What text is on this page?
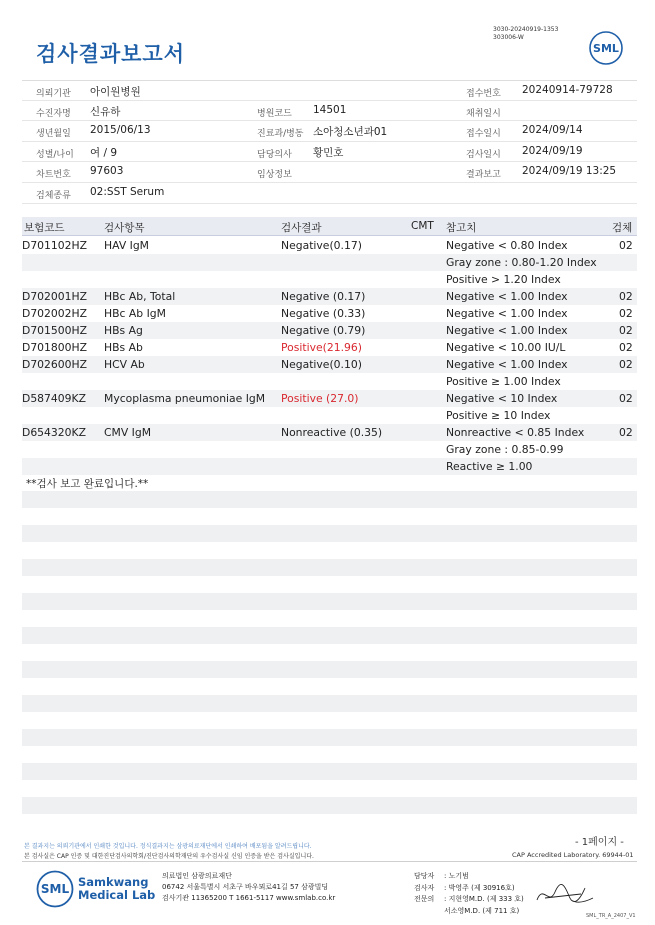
검사결과보고서
3030-20240919-1353
303006-W
SML
의뢰기관 아이원병원	접수번호 20240914-79728
수진자명 신유하	병원코드 14501	채취일시
생년월일 2015/06/13	진료과/병동 소아청소년과01	접수일시 2024/09/14
성별/나이 여 / 9	담당의사 황민호	검사일시 2024/09/19
차트번호 97603	임상정보	결과보고 2024/09/19 13:25
검체종류 02:SST Serum
보험코드	검사항목	검사결과	CMT 참고치	검체
D701102HZ HAV IgM	Negative(0.17)	Negative < 0.80 Index	02
Gray zone : 0.80-1.20 Index
Positive > 1.20 Index
D702001HZ HBc Ab, Total	Negative (0.17)	Negative < 1.00 Index	02
D702002HZ HBc Ab IgM	Negative (0.33)	Negative < 1.00 Index	02
D701500HZ HBs Ag	Negative (0.79)	Negative < 1.00 Index	02
D701800HZ HBs Ab	Positive(21.96)	Negative < 10.00 IU/L	02
D702600HZ HCV Ab	Negative(0.10)	Negative < 1.00 Index	02
Positive ≥ 1.00 Index
D587409KZ Mycoplasma pneumoniae IgM Positive (27.0)	Negative < 10 Index	02
Positive ≥ 10 Index
D654320KZ CMV IgM	Nonreactive (0.35)	Nonreactive < 0.85 Index	02
Gray zone : 0.85-0.99
Reactive ≥ 1.00
**검사 보고 완료입니다.**
- 1페이지 -
본 결과지는 의뢰기관에서 인쇄한 것입니다. 정식결과지는 삼광의료재단에서 인쇄하여 배포됨을 알려드립니다.
본 검사실은 CAP 인증 및 대한진단검사의학회/진단검사의학재단의 우수검사실 신임 인증을 받은 검사실입니다.	CAP Accredited Laboratory. 69944-01
SML Samkwang
Medical Lab
의료법인 삼광의료재단
06742 서울특별시 서초구 바우뫼로41길 57 삼광빌딩
검사기관 11365200 T 1661-5117 www.smlab.co.kr
담당자 : 노기범
검사자 : 박영주 (제 30916호)
전문의 : 지현영M.D. (제 333 호)
서소영M.D. (제 711 호)
SML_TR_A_2407_V1
